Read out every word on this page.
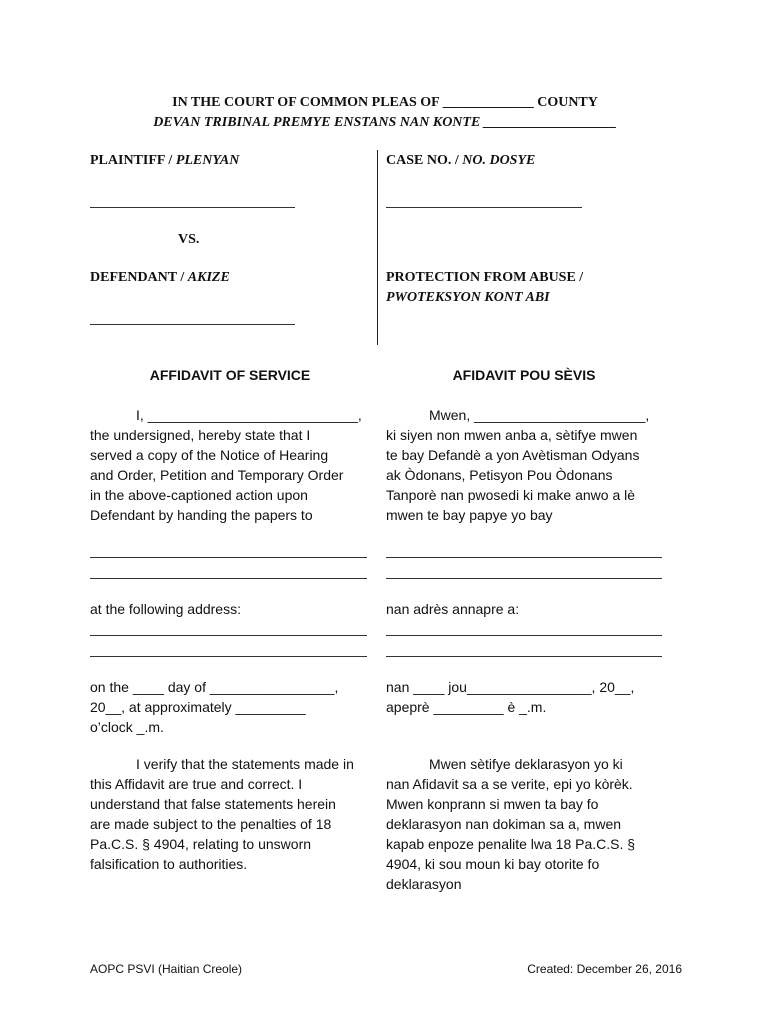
IN THE COURT OF COMMON PLEAS OF _____________ COUNTY
DEVAN TRIBINAL PREMYE ENSTANS NAN KONTE ___________________
PLAINTIFF / PLENYAN
VS.
DEFENDANT / AKIZE
CASE NO. / NO. DOSYE
PROTECTION FROM ABUSE /
PWOTEKSYON KONT ABI
AFFIDAVIT OF SERVICE	AFIDAVIT POU SÈVIS
I, ___________________________,
the undersigned, hereby state that I
served a copy of the Notice of Hearing
and Order, Petition and Temporary Order
in the above-captioned action upon
Defendant by handing the papers to
Mwen, ______________________,
ki siyen non mwen anba a, sètifye mwen
te bay Defandè a yon Avètisman Odyans
ak Òdonans, Petisyon Pou Òdonans
Tanporè nan pwosedi ki make anwo a lè
mwen te bay papye yo bay
at the following address:	nan adrès annapre a:
on the ____ day of ________________,
20__, at approximately _________
o’clock _.m.
nan ____ jou________________, 20__,
apeprè _________ è _.m.
I verify that the statements made in
this Affidavit are true and correct. I
understand that false statements herein
are made subject to the penalties of 18
Pa.C.S. § 4904, relating to unsworn
falsification to authorities.
Mwen sètifye deklarasyon yo ki
nan Afidavit sa a se verite, epi yo kòrèk.
Mwen konprann si mwen ta bay fo
deklarasyon nan dokiman sa a, mwen
kapab enpoze penalite lwa 18 Pa.C.S. §
4904, ki sou moun ki bay otorite fo
deklarasyon
AOPC PSVI (Haitian Creole)	Created: December 26, 2016
